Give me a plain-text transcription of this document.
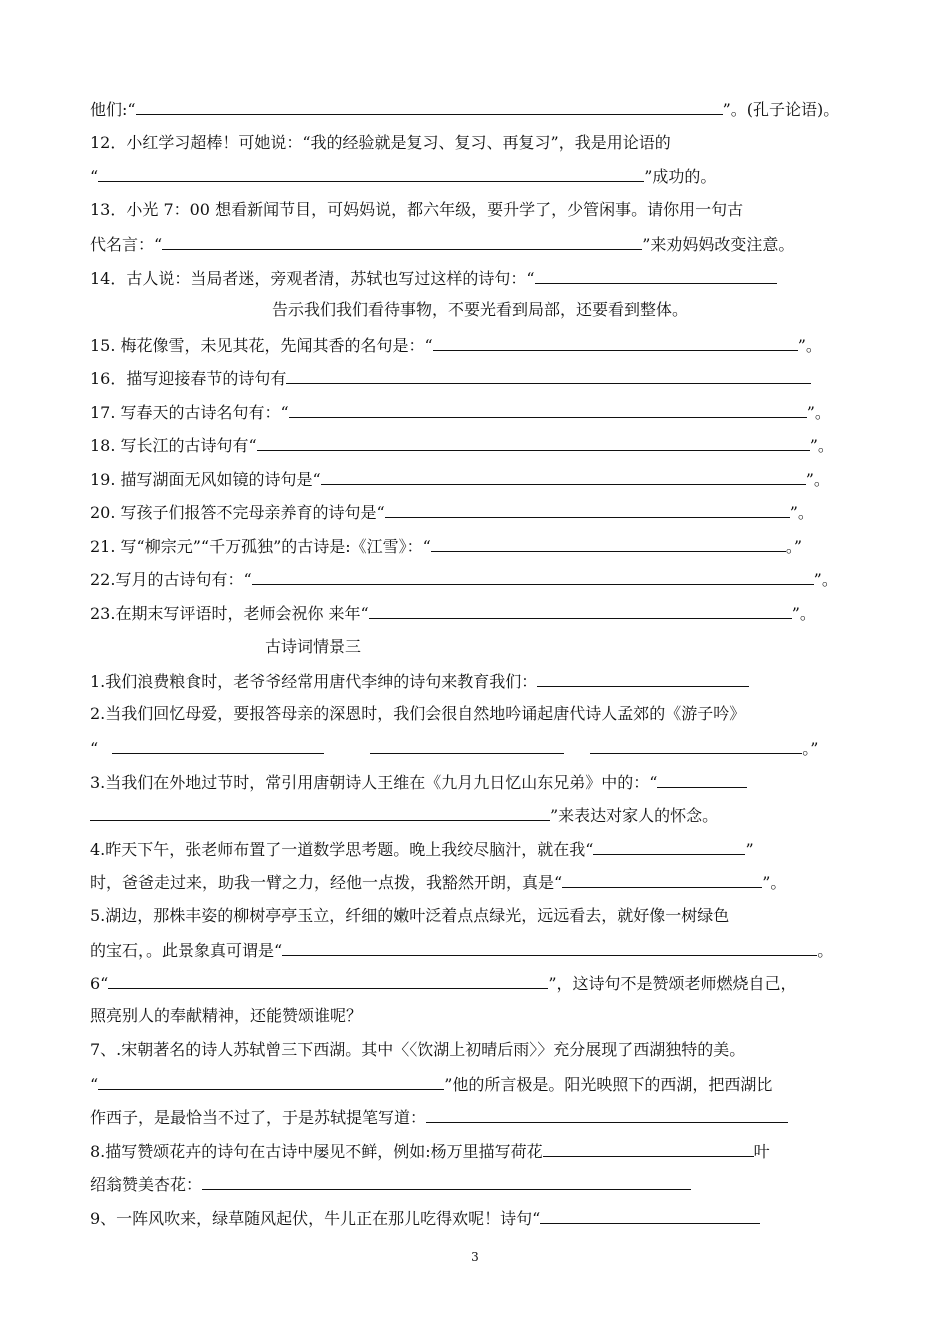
他们:“	”。(孔子论语)。
12．小红学习超棒！可她说：“我的经验就是复习、复习、再复习”，我是用论语的
“	”成功的。
13．小光 7：00 想看新闻节目，可妈妈说，都六年级，要升学了，少管闲事。请你用一句古
代名言：“	”来劝妈妈改变注意。
14．古人说：当局者迷，旁观者清，苏轼也写过这样的诗句：“
告示我们我们看待事物，不要光看到局部，还要看到整体。
15. 梅花像雪，未见其花，先闻其香的名句是：“	”。
16．描写迎接春节的诗句有
17. 写春天的古诗名句有：“	”。
18. 写长江的古诗句有“	”。
19. 描写湖面无风如镜的诗句是“	”。
20. 写孩子们报答不完母亲养育的诗句是“	”。
21. 写“柳宗元”“千万孤独”的古诗是:《江雪》：“	。”
22.写月的古诗句有：“	”。
23.在期末写评语时，老师会祝你 来年“	”。
古诗词情景三
1.我们浪费粮食时，老爷爷经常用唐代李绅的诗句来教育我们：
2.当我们回忆母爱，要报答母亲的深恩时，我们会很自然地吟诵起唐代诗人孟郊的《游子吟》
“	。”
3.当我们在外地过节时，常引用唐朝诗人王维在《九月九日忆山东兄弟》中的：“
”来表达对家人的怀念。
4.昨天下午，张老师布置了一道数学思考题。晚上我绞尽脑汁，就在我“	”
时，爸爸走过来，助我一臂之力，经他一点拨，我豁然开朗，真是“	”。
5.湖边，那株丰姿的柳树亭亭玉立，纤细的嫩叶泛着点点绿光，远远看去，就好像一树绿色
的宝石，。此景象真可谓是“	。
6“	”，这诗句不是赞颂老师燃烧自己，
照亮别人的奉献精神，还能赞颂谁呢？
7、.宋朝著名的诗人苏轼曾三下西湖。其中〈〈饮湖上初晴后雨〉〉充分展现了西湖独特的美。
“	”他的所言极是。阳光映照下的西湖，把西湖比
作西子，是最恰当不过了，于是苏轼提笔写道：
8.描写赞颂花卉的诗句在古诗中屡见不鲜，例如:杨万里描写荷花	叶
绍翁赞美杏花：
9、一阵风吹来，绿草随风起伏，牛儿正在那儿吃得欢呢！诗句“
3
